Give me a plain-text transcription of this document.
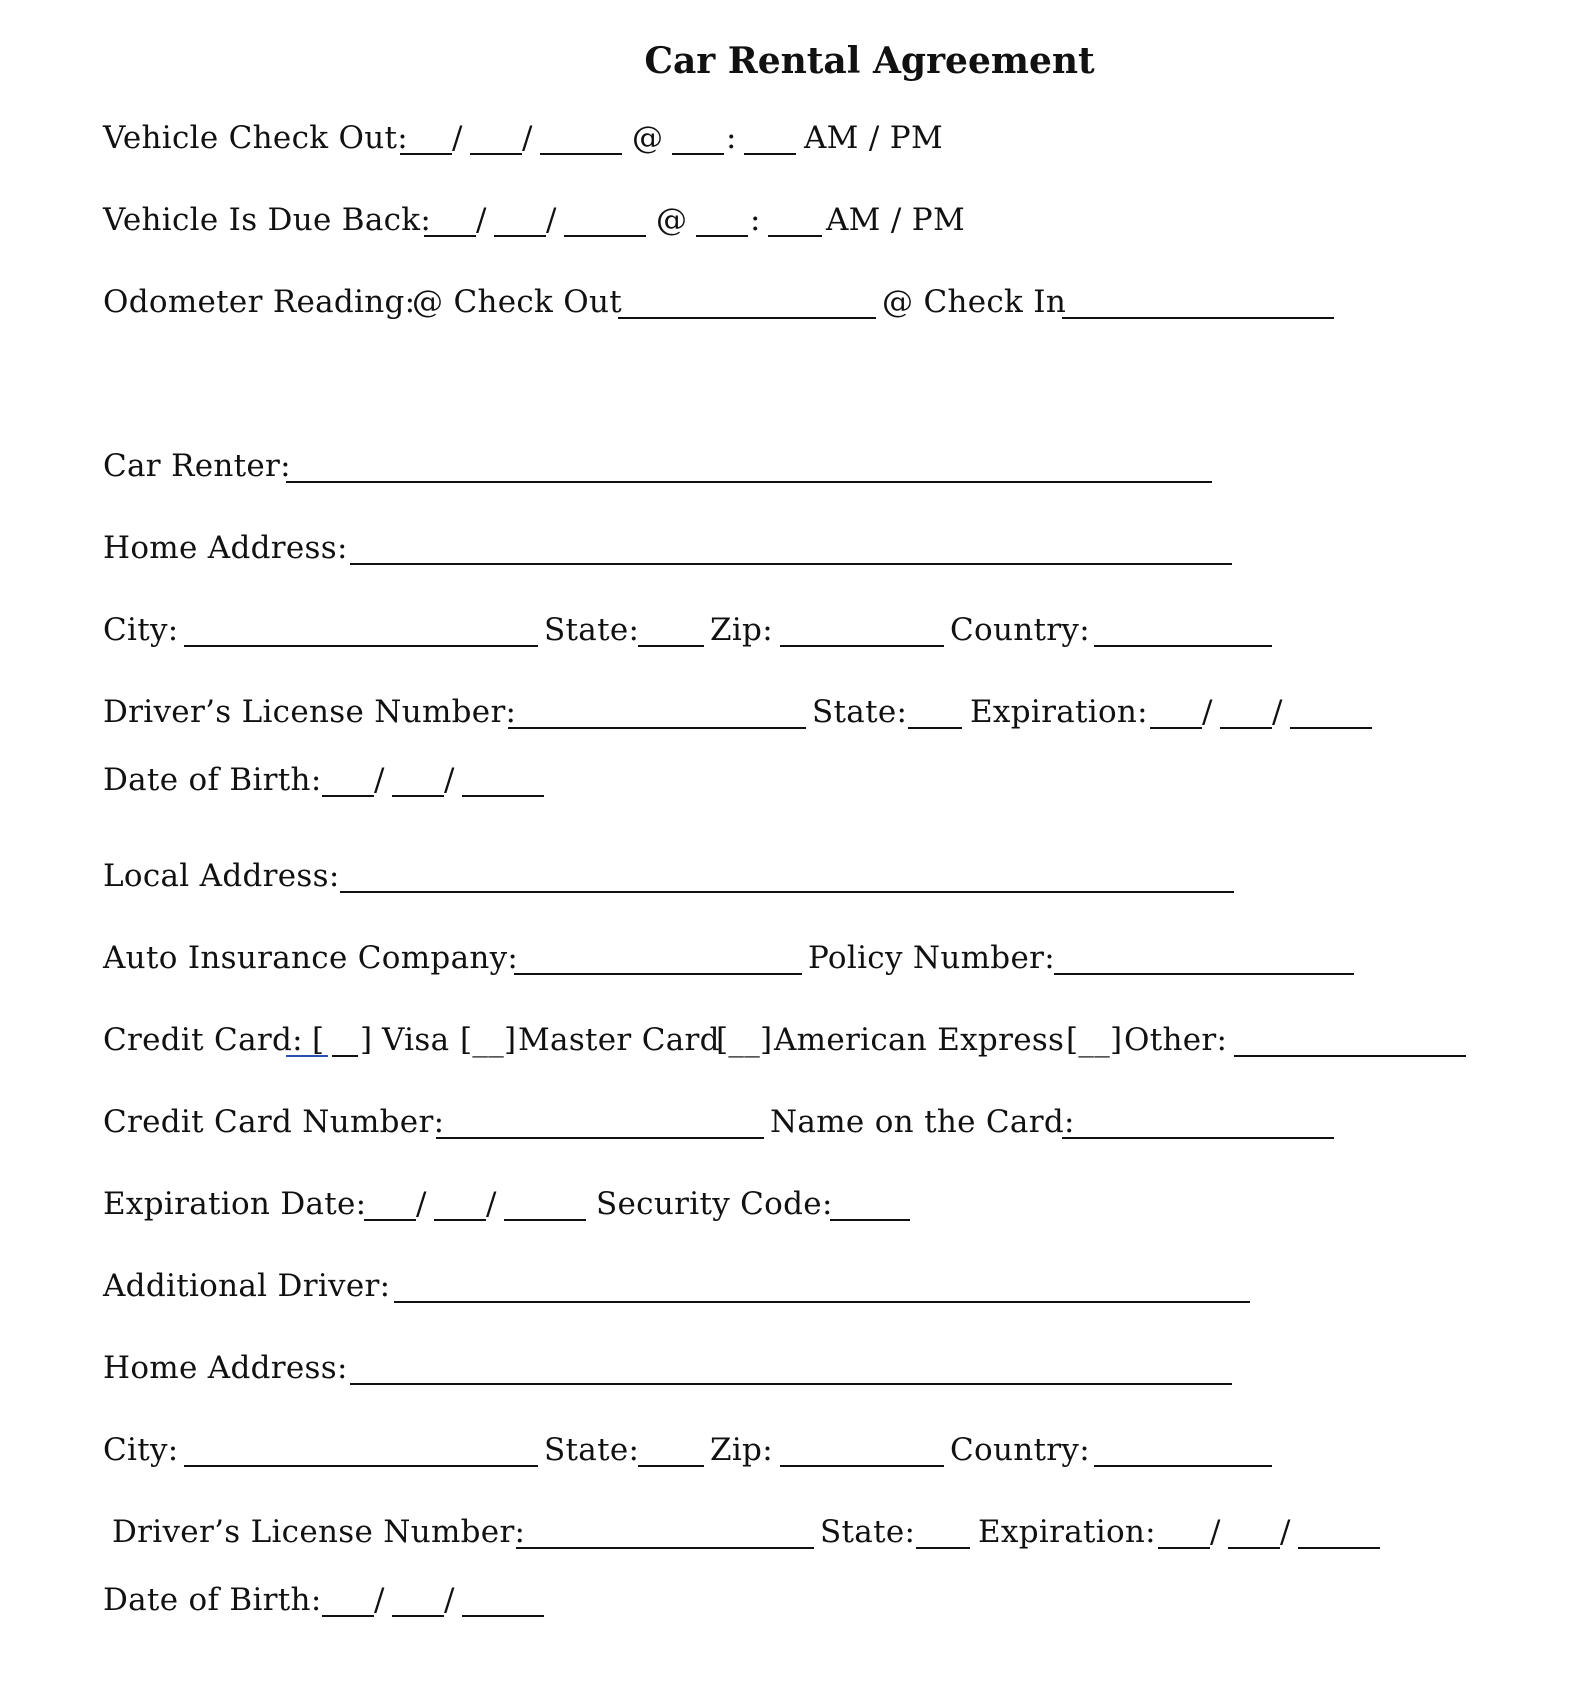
Car Rental Agreement
Vehicle Check Out: / /	@ : AM / PM
Vehicle Is Due Back: / /	@ : AM / PM
Odometer Reading:
@ Check Out	@ Check In
Car Renter:
Home Address:
City:	State: Zip:	Country:
Driver’s License Number:	State: Expiration: / /
Date of Birth: / /
Local Address:
Auto Insurance Company:	Policy Number:
Credit Card: [ ] Visa [__] Master Card
[__] American Express [__] Other:
Credit Card Number:	Name on the Card:
Expiration Date: / /	Security Code:
Additional Driver:
Home Address:
City:	State: Zip:	Country:
Driver’s License Number:	State: Expiration: / /
Date of Birth: / /
